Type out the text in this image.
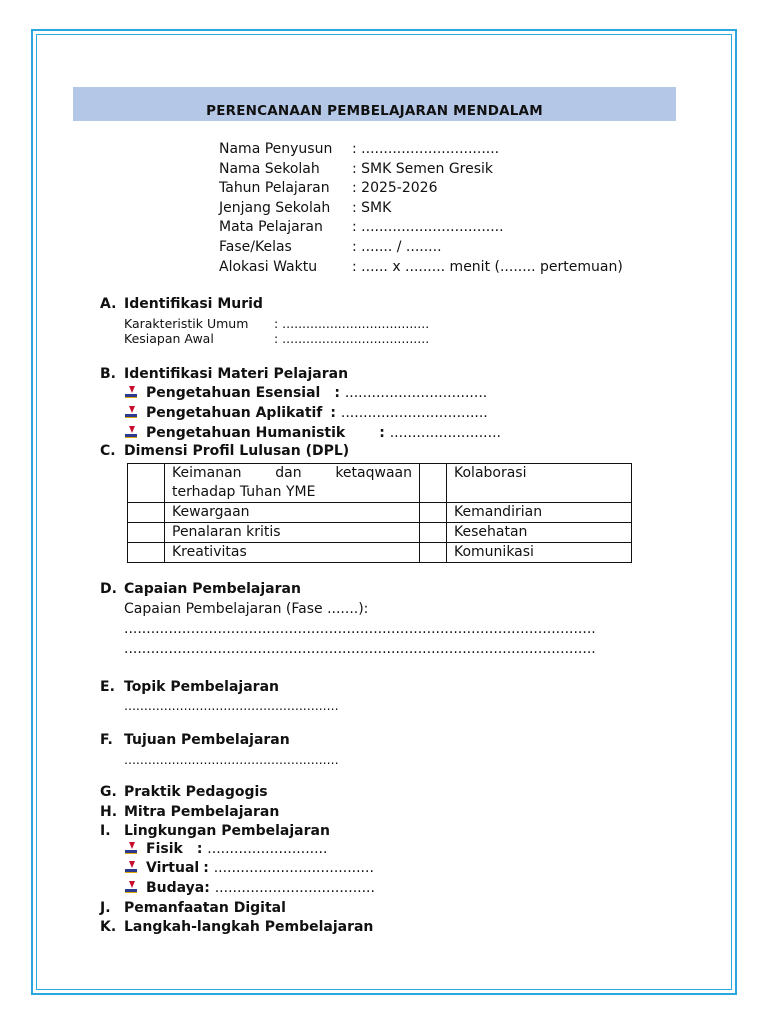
PERENCANAAN PEMBELAJARAN MENDALAM
Nama Penyusun	: ...............................
Nama Sekolah	: SMK Semen Gresik
Tahun Pelajaran	: 2025-2026
Jenjang Sekolah	: SMK
Mata Pelajaran	: ................................
Fase/Kelas	: ....... / ........
Alokasi Waktu	: ...... x ......... menit (........ pertemuan)
A. Identifikasi Murid
Karakteristik Umum : .....................................
Kesiapan Awal	: .....................................
B. Identifikasi Materi Pelajaran
Pengetahuan Esensial : ................................
Pengetahuan Aplikatif : .................................
Pengetahuan Humanistik : .........................
C. Dimensi Profil Lulusan (DPL)

	Keimanan dan ketaqwaan
terhadap Tuhan YME		Kolaborasi
	Kewargaan		Kemandirian
	Penalaran kritis		Kesehatan
	Kreativitas		Komunikasi
D. Capaian Pembelajaran
Capaian Pembelajaran (Fase .......):
..........................................................................................................
..........................................................................................................
E. Topik Pembelajaran
......................................................
F. Tujuan Pembelajaran
......................................................
G. Praktik Pedagogis
H. Mitra Pembelajaran
I. Lingkungan Pembelajaran
Fisik : ...........................
Virtual : ....................................
Budaya: ....................................
J. Pemanfaatan Digital
K. Langkah-langkah Pembelajaran
